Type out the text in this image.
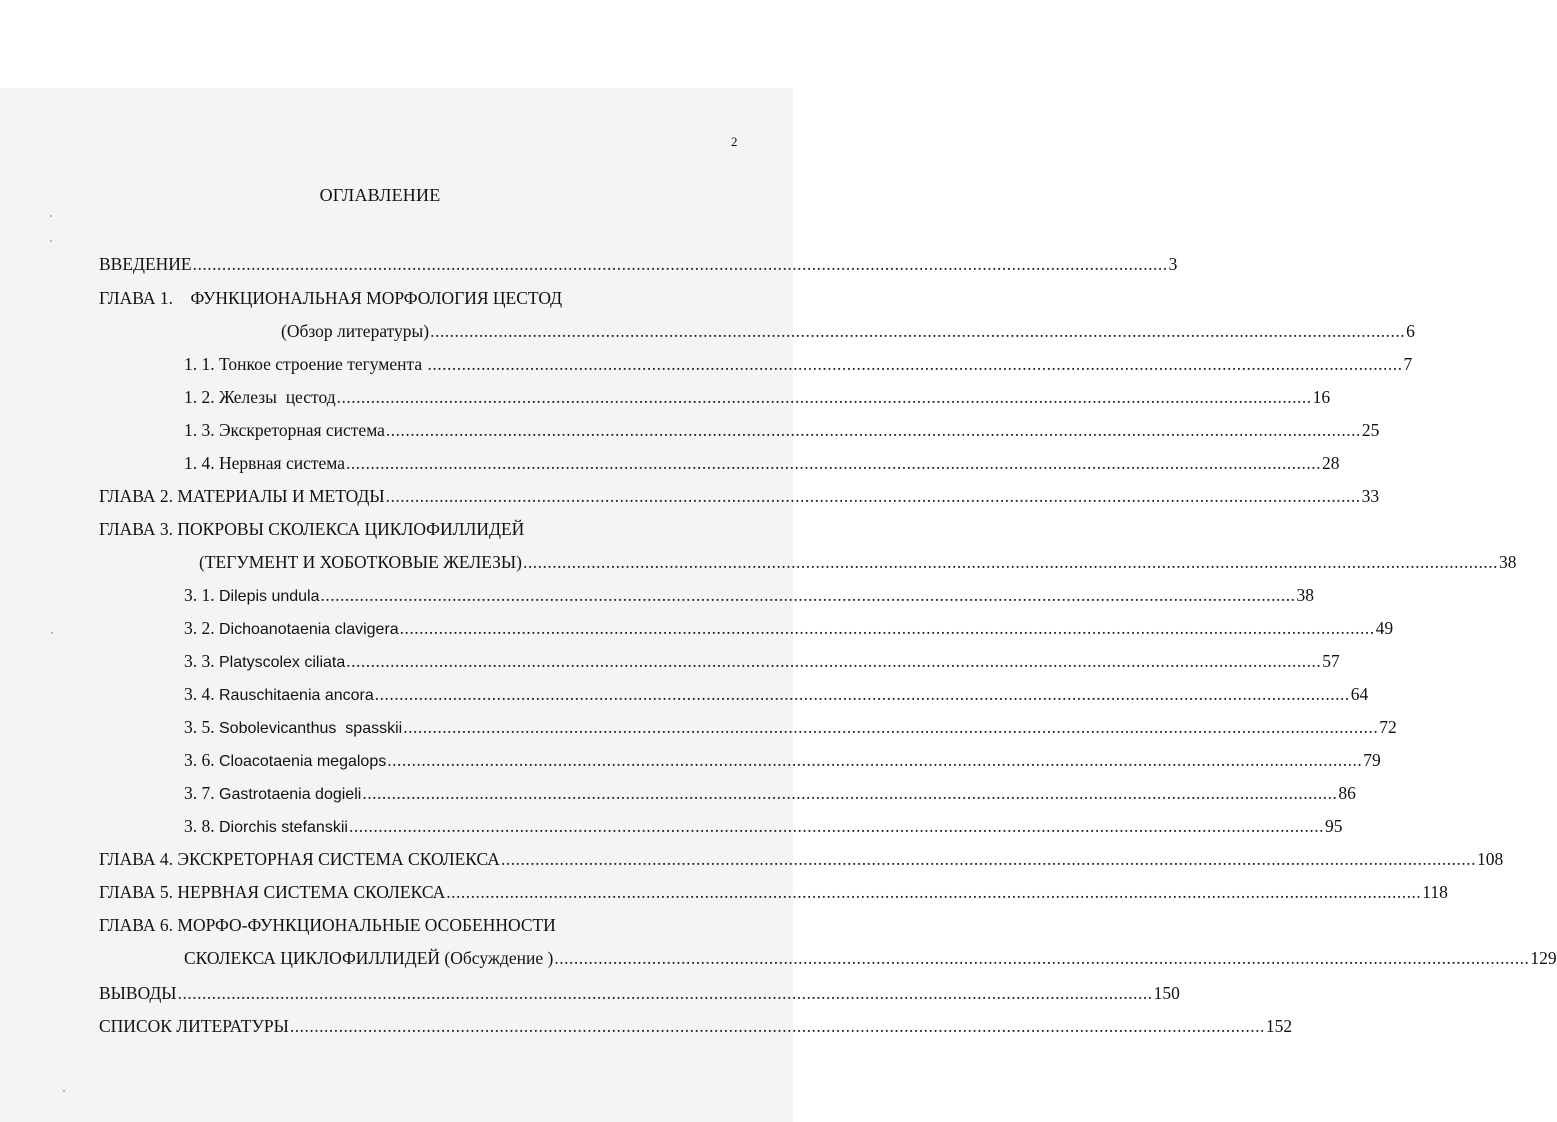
2
ОГЛАВЛЕНИЕ
ВВЕДЕНИЕ ........................................................................................................................................................................................................ 3
ГЛАВА 1.    ФУНКЦИОНАЛЬНАЯ МОРФОЛОГИЯ ЦЕСТОД
(Обзор литературы) ........................................................................................................................................................................................................ 6
1. 1. Тонкое строение тегумента ........................................................................................................................................................................................................ 7
1. 2. Железы  цестод ........................................................................................................................................................................................................ 16
1. 3. Экскреторная система ........................................................................................................................................................................................................ 25
1. 4. Нервная система ........................................................................................................................................................................................................ 28
ГЛАВА 2. МАТЕРИАЛЫ И МЕТОДЫ ........................................................................................................................................................................................................ 33
ГЛАВА 3. ПОКРОВЫ СКОЛЕКСА ЦИКЛОФИЛЛИДЕЙ
(ТЕГУМЕНТ И ХОБОТКОВЫЕ ЖЕЛЕЗЫ) ........................................................................................................................................................................................................ 38
3. 1. Dilepis undula ........................................................................................................................................................................................................ 38
3. 2. Dichoanotaenia clavigera ........................................................................................................................................................................................................ 49
3. 3. Platyscolex ciliata ........................................................................................................................................................................................................ 57
3. 4. Rauschitaenia ancora ........................................................................................................................................................................................................ 64
3. 5. Sobolevicanthus  spasskii ........................................................................................................................................................................................................ 72
3. 6. Cloacotaenia megalops ........................................................................................................................................................................................................ 79
3. 7. Gastrotaenia dogieli ........................................................................................................................................................................................................ 86
3. 8. Diorchis stefanskii ........................................................................................................................................................................................................ 95
ГЛАВА 4. ЭКСКРЕТОРНАЯ СИСТЕМА СКОЛЕКСА ........................................................................................................................................................................................................ 108
ГЛАВА 5. НЕРВНАЯ СИСТЕМА СКОЛЕКСА ........................................................................................................................................................................................................ 118
ГЛАВА 6. МОРФО-ФУНКЦИОНАЛЬНЫЕ ОСОБЕННОСТИ
СКОЛЕКСА ЦИКЛОФИЛЛИДЕЙ (Обсуждение ) ........................................................................................................................................................................................................ 129
ВЫВОДЫ ........................................................................................................................................................................................................ 150
СПИСОК ЛИТЕРАТУРЫ ........................................................................................................................................................................................................ 152
